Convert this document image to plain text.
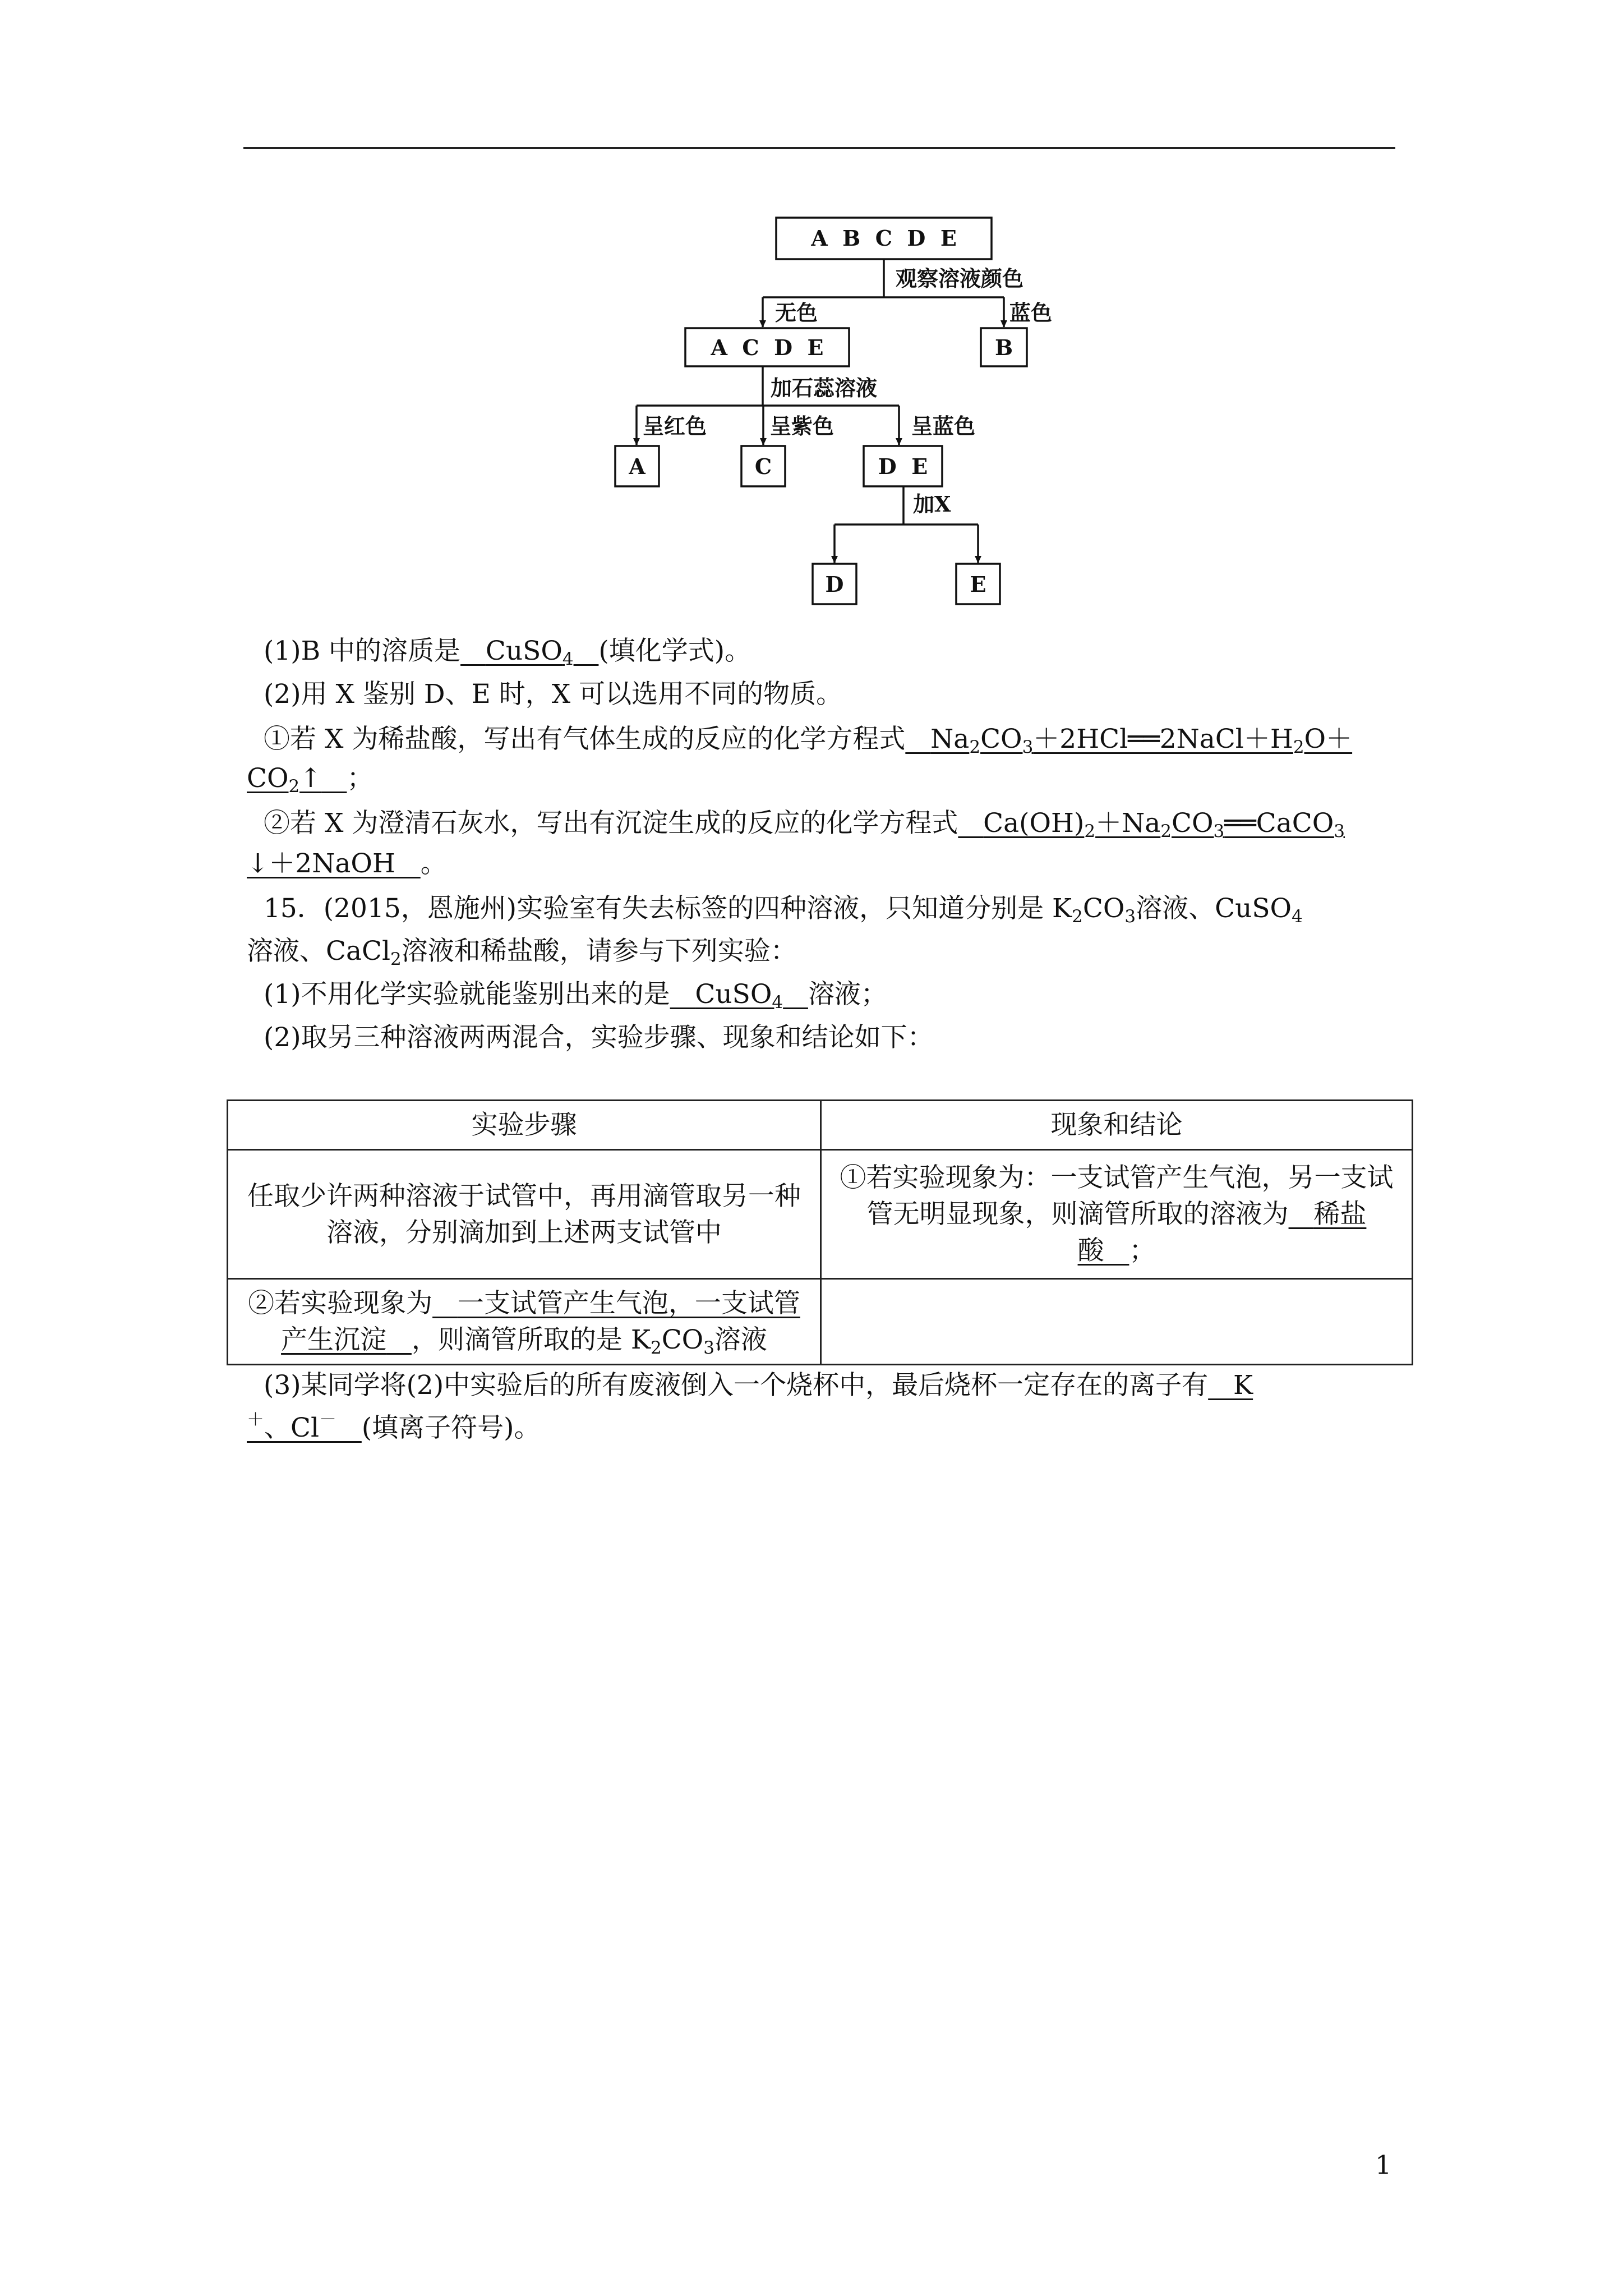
A  B  C  D  E
观察溶液颜色
无色	蓝色
A  C  D  E	B
加石蕊溶液
呈红色	呈紫色	呈蓝色
A	C	D  E
加X
D	E
(1)B 中的溶质是 CuSO$_4$ (填化学式)。
(2)用 X 鉴别 D、E 时，X 可以选用不同的物质。
①若 X 为稀盐酸，写出有气体生成的反应的化学方程式 $Na_2CO_3+2HCl══2NaCl+H_2O+$
$CO_2↑$ ；
②若 X 为澄清石灰水，写出有沉淀生成的反应的化学方程式 $Ca(OH)_2+Na_2CO_3══CaCO_3$
↓＋2NaOH 。
15．(2015，恩施州)实验室有失去标签的四种溶液，只知道分别是 $K_2CO_3$溶液、CuSO$_4$
溶液、CaCl$_2$溶液和稀盐酸，请参与下列实验：
(1)不用化学实验就能鉴别出来的是 CuSO$_4$ 溶液；
(2)取另三种溶液两两混合，实验步骤、现象和结论如下：
实验步骤	现象和结论
任取少许两种溶液于试管中，再用滴管取另一种溶液，分别滴加到上述两支试管中	①若实验现象为：一支试管产生气泡，另一支试管无明显现象，则滴管所取的溶液为 稀盐酸 ；
②若实验现象为 一支试管产生气泡，一支试管产生沉淀 ，则滴管所取的是 $K_2CO_3$溶液	
(3)某同学将(2)中实验后的所有废液倒入一个烧杯中，最后烧杯一定存在的离子有 K
＋、Cl－ (填离子符号)。
1
